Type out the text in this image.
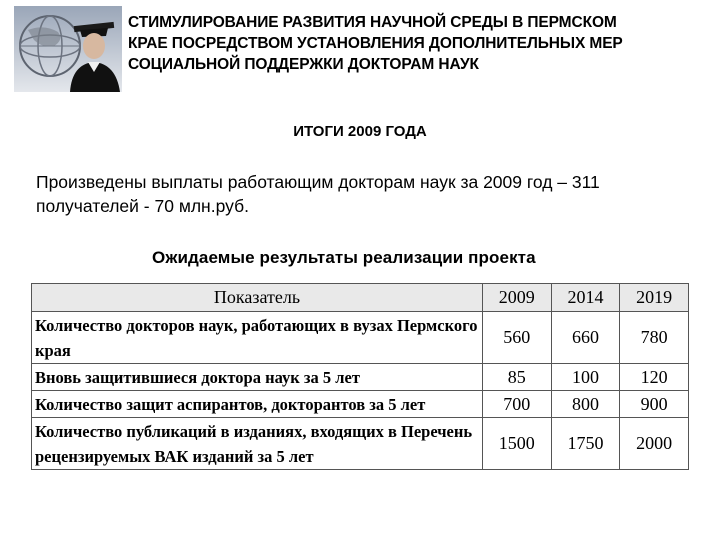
СТИМУЛИРОВАНИЕ РАЗВИТИЯ НАУЧНОЙ СРЕДЫ В ПЕРМСКОМ
КРАЕ ПОСРЕДСТВОМ УСТАНОВЛЕНИЯ ДОПОЛНИТЕЛЬНЫХ МЕР
СОЦИАЛЬНОЙ ПОДДЕРЖКИ ДОКТОРАМ НАУК
ИТОГИ 2009 ГОДА
Произведены выплаты работающим докторам наук за 2009 год – 311 получателей - 70 млн.руб.
Ожидаемые результаты реализации проекта
Показатель	2009	2014	2019
Количество докторов наук, работающих в вузах Пермского края	560	660	780
Вновь защитившиеся доктора наук за 5 лет	85	100	120
Количество защит аспирантов, докторантов за 5 лет	700	800	900
Количество публикаций в изданиях, входящих в Перечень рецензируемых ВАК изданий за 5 лет	1500	1750	2000
